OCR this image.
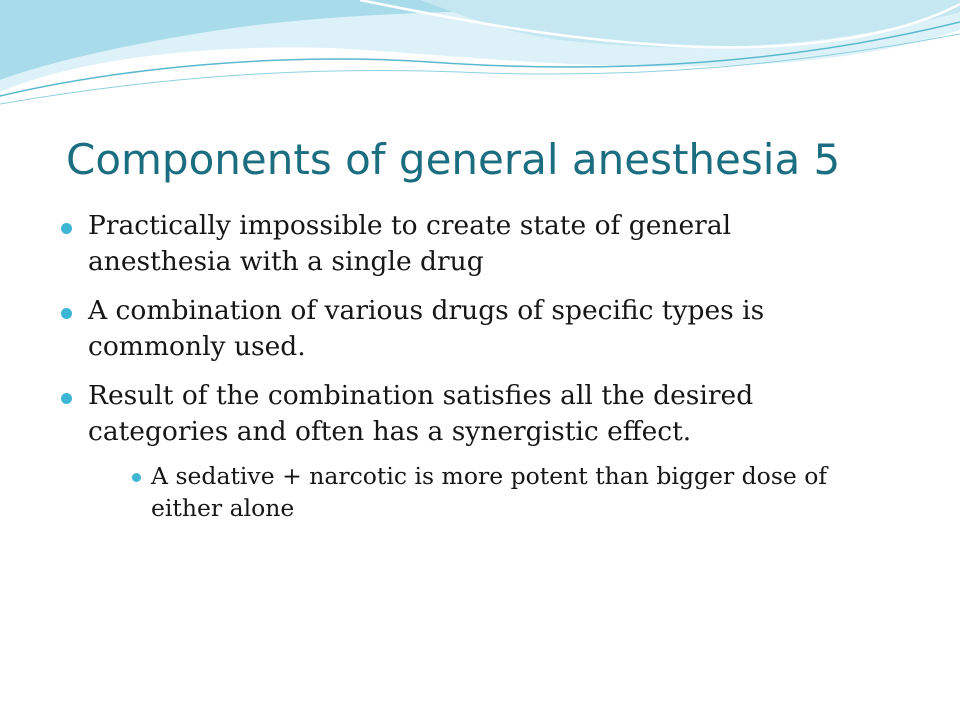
Components of general anesthesia 5
Practically impossible to create state of general
anesthesia with a single drug
A combination of various drugs of specific types is
commonly used.
Result of the combination satisfies all the desired
categories and often has a synergistic effect.
A sedative + narcotic is more potent than bigger dose of
either alone
